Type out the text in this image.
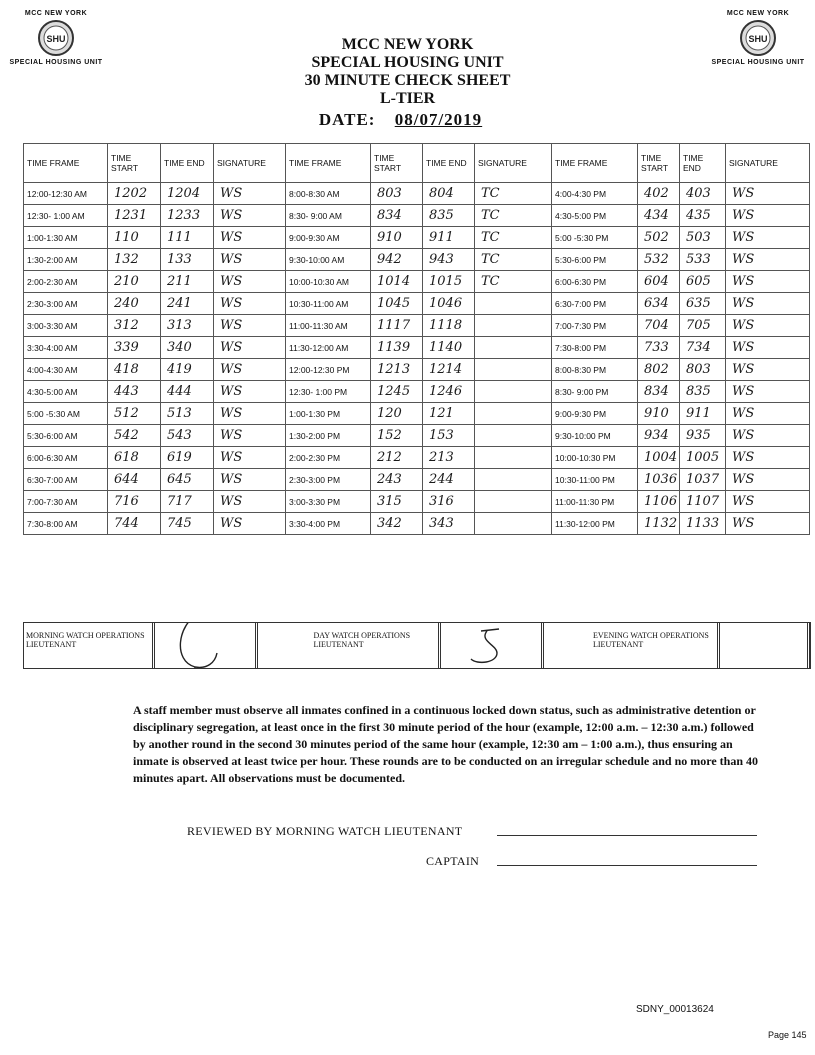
MCC NEW YORK
SHU
SPECIAL HOUSING UNIT
MCC NEW YORK
SHU
SPECIAL HOUSING UNIT
MCC NEW YORK
SPECIAL HOUSING UNIT
30 MINUTE CHECK SHEET
L-TIER
DATE: 08/07/2019
TIME FRAME	TIME START	TIME END	SIGNATURE	TIME FRAME	TIME START	TIME END	SIGNATURE	TIME FRAME	TIME START	TIME END	SIGNATURE
12:00-12:30 AM	1202	1204	WS	8:00-8:30 AM	803	804	TC	4:00-4:30 PM	402	403	WS
12:30- 1:00 AM	1231	1233	WS	8:30- 9:00 AM	834	835	TC	4:30-5:00 PM	434	435	WS
1:00-1:30 AM	110	111	WS	9:00-9:30 AM	910	911	TC	5:00 -5:30 PM	502	503	WS
1:30-2:00 AM	132	133	WS	9:30-10:00 AM	942	943	TC	5:30-6:00 PM	532	533	WS
2:00-2:30 AM	210	211	WS	10:00-10:30 AM	1014	1015	TC	6:00-6:30 PM	604	605	WS
2:30-3:00 AM	240	241	WS	10:30-11:00 AM	1045	1046		6:30-7:00 PM	634	635	WS
3:00-3:30 AM	312	313	WS	11:00-11:30 AM	1117	1118		7:00-7:30 PM	704	705	WS
3:30-4:00 AM	339	340	WS	11:30-12:00 AM	1139	1140		7:30-8:00 PM	733	734	WS
4:00-4:30 AM	418	419	WS	12:00-12:30 PM	1213	1214		8:00-8:30 PM	802	803	WS
4:30-5:00 AM	443	444	WS	12:30- 1:00 PM	1245	1246		8:30- 9:00 PM	834	835	WS
5:00 -5:30 AM	512	513	WS	1:00-1:30 PM	120	121		9:00-9:30 PM	910	911	WS
5:30-6:00 AM	542	543	WS	1:30-2:00 PM	152	153		9:30-10:00 PM	934	935	WS
6:00-6:30 AM	618	619	WS	2:00-2:30 PM	212	213		10:00-10:30 PM	1004	1005	WS
6:30-7:00 AM	644	645	WS	2:30-3:00 PM	243	244		10:30-11:00 PM	1036	1037	WS
7:00-7:30 AM	716	717	WS	3:00-3:30 PM	315	316		11:00-11:30 PM	1106	1107	WS
7:30-8:00 AM	744	745	WS	3:30-4:00 PM	342	343		11:30-12:00 PM	1132	1133	WS
MORNING WATCH OPERATIONS LIEUTENANT
DAY WATCH OPERATIONS LIEUTENANT
EVENING WATCH OPERATIONS LIEUTENANT
A staff member must observe all inmates confined in a continuous locked down status, such as administrative detention or disciplinary segregation, at least once in the first 30 minute period of the hour (example, 12:00 a.m. – 12:30 a.m.) followed by another round in the second 30 minutes period of the same hour (example, 12:30 am – 1:00 a.m.), thus ensuring an inmate is observed at least twice per hour. These rounds are to be conducted on an irregular schedule and no more than 40 minutes apart. All observations must be documented.
REVIEWED BY MORNING WATCH LIEUTENANT
CAPTAIN
SDNY_00013624
Page 145
